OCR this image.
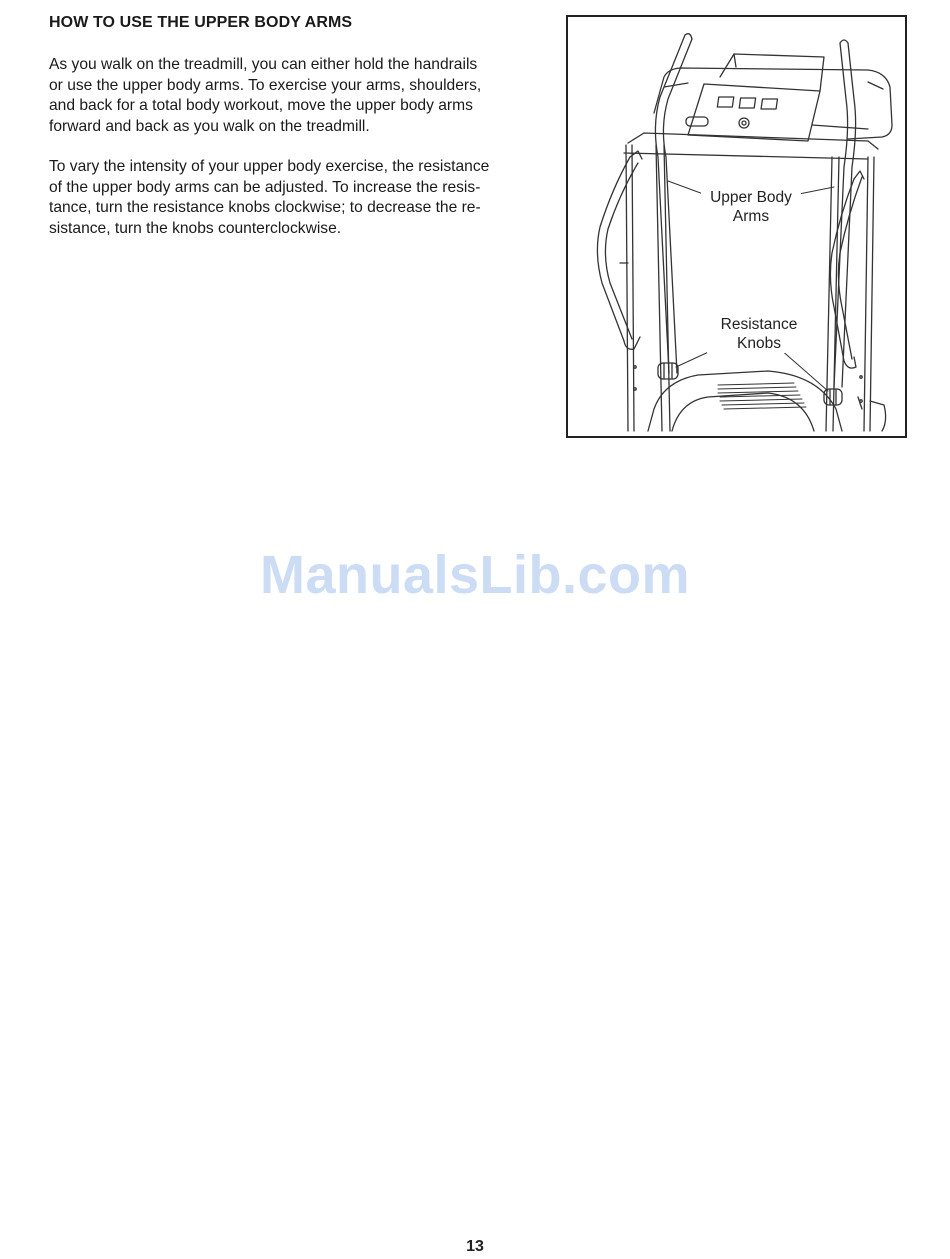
HOW TO USE THE UPPER BODY ARMS

As you walk on the treadmill, you can either hold the handrails
or use the upper body arms. To exercise your arms, shoulders,
and back for a total body workout, move the upper body arms
forward and back as you walk on the treadmill.

To vary the intensity of your upper body exercise, the resistance
of the upper body arms can be adjusted. To increase the resis-
tance, turn the resistance knobs clockwise; to decrease the re-
sistance, turn the knobs counterclockwise.

Upper Body
Arms
Resistance
Knobs
ManualsLib.com
13
